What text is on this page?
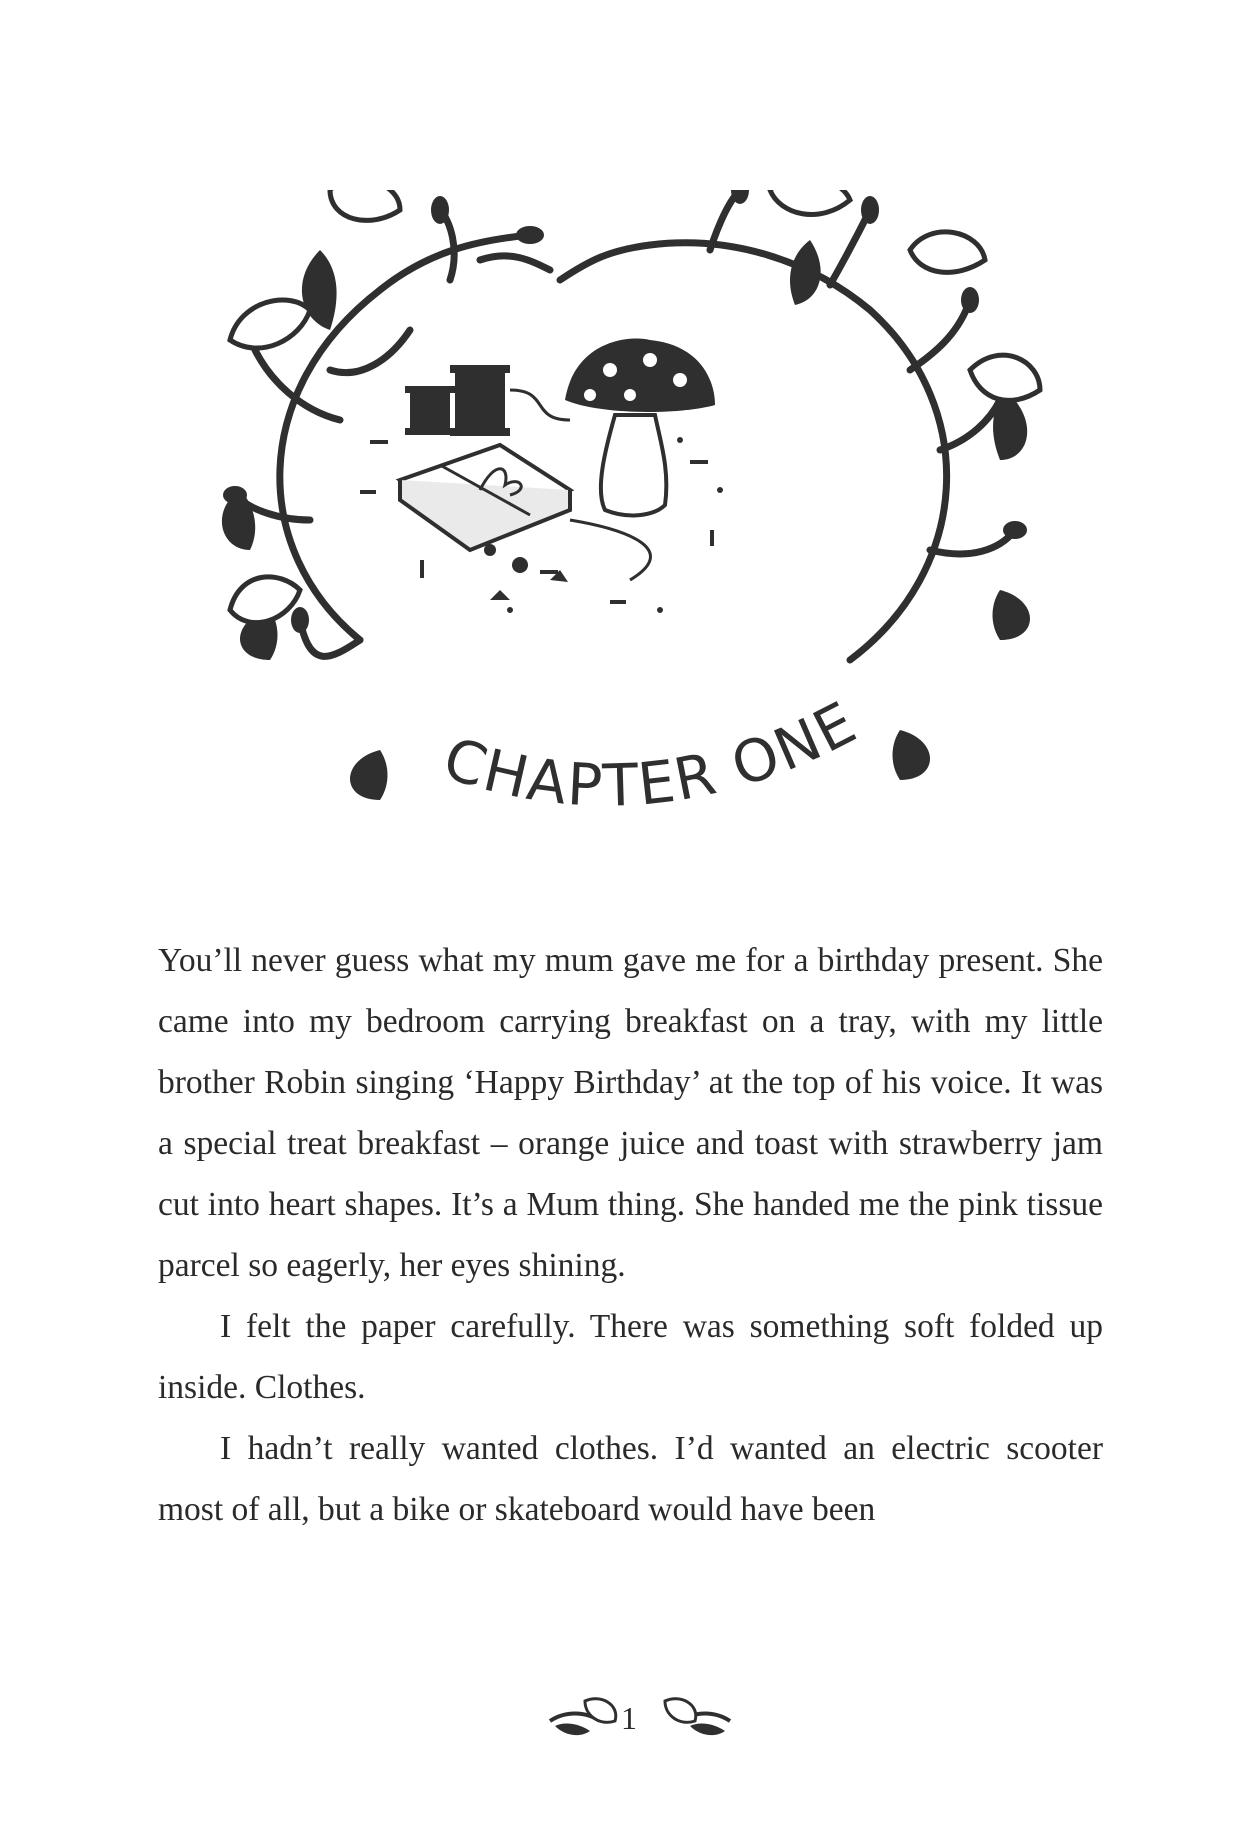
CHAPTER ONE

You’ll never guess what my mum gave me for a birthday present. She came into my bedroom carrying breakfast on a tray, with my little brother Robin singing ‘Happy Birthday’ at the top of his voice. It was a special treat breakfast – orange juice and toast with strawberry jam cut into heart shapes. It’s a Mum thing. She handed me the pink tissue parcel so eagerly, her eyes shining.

I felt the paper carefully. There was something soft folded up inside. Clothes.

I hadn’t really wanted clothes. I’d wanted an electric scooter most of all, but a bike or skateboard would have been

1
